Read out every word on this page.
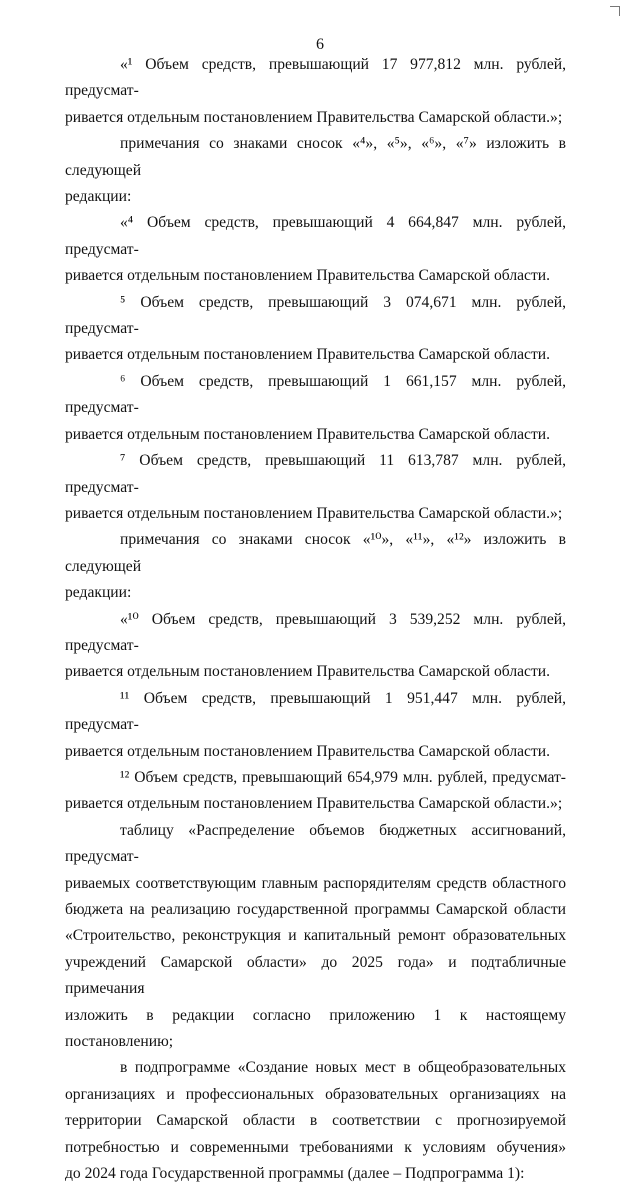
6

«¹ Объем средств, превышающий 17 977,812 млн. рублей, предусмат-

ривается отдельным постановлением Правительства Самарской области.»;

примечания со знаками сносок «⁴», «⁵», «⁶», «⁷» изложить в следующей

редакции:

«⁴ Объем средств, превышающий 4 664,847 млн. рублей, предусмат-

ривается отдельным постановлением Правительства Самарской области.

⁵ Объем средств, превышающий 3 074,671 млн. рублей, предусмат-

ривается отдельным постановлением Правительства Самарской области.

⁶ Объем средств, превышающий 1 661,157 млн. рублей, предусмат-

ривается отдельным постановлением Правительства Самарской области.

⁷ Объем средств, превышающий 11 613,787 млн. рублей, предусмат-

ривается отдельным постановлением Правительства Самарской области.»;

примечания со знаками сносок «¹⁰», «¹¹», «¹²» изложить в следующей

редакции:

«¹⁰ Объем средств, превышающий 3 539,252 млн. рублей, предусмат-

ривается отдельным постановлением Правительства Самарской области.

¹¹ Объем средств, превышающий 1 951,447 млн. рублей, предусмат-

ривается отдельным постановлением Правительства Самарской области.

¹² Объем средств, превышающий 654,979 млн. рублей, предусмат-

ривается отдельным постановлением Правительства Самарской области.»;

таблицу «Распределение объемов бюджетных ассигнований, предусмат-

риваемых соответствующим главным распорядителям средств областного

бюджета на реализацию государственной программы Самарской области

«Строительство, реконструкция и капитальный ремонт образовательных

учреждений Самарской области» до 2025 года» и подтабличные примечания

изложить в редакции согласно приложению 1 к настоящему постановлению;

в подпрограмме «Создание новых мест в общеобразовательных

организациях и профессиональных образовательных организациях на

территории Самарской области в соответствии с прогнозируемой

потребностью и современными требованиями к условиям обучения»

до 2024 года Государственной программы (далее – Подпрограмма 1):
